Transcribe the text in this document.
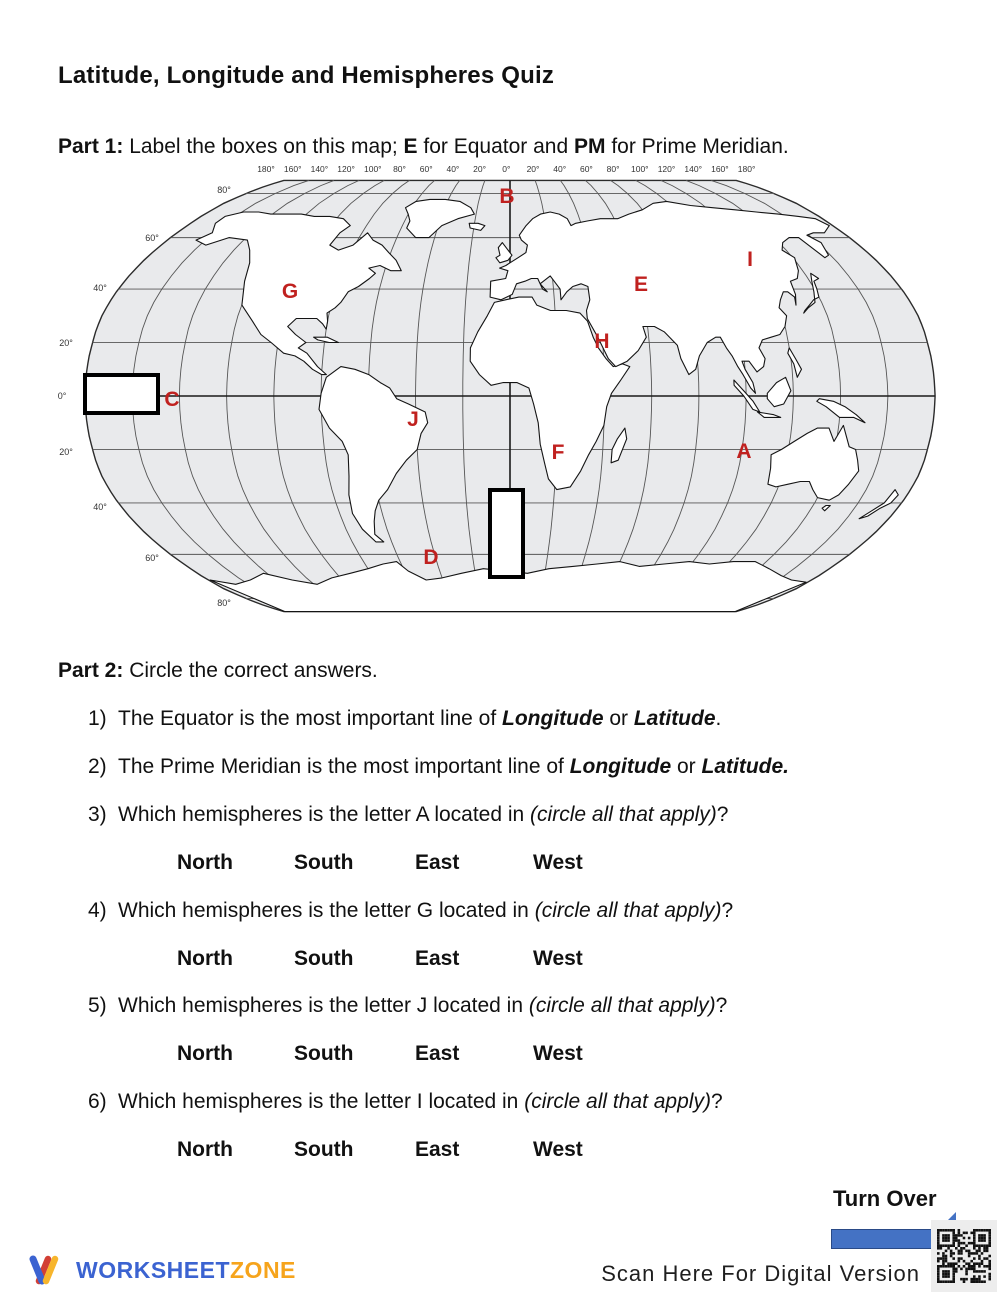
Latitude, Longitude and Hemispheres Quiz

Part 1: Label the boxes on this map; E for Equator and PM for Prime Meridian.

180° 160° 140° 120° 100° 80° 60° 40° 20° 0° 20° 40° 60° 80° 100° 120° 140° 160° 180°
80°
60°
40°
20°
0°
20°
40°
60°
80°
B
G
I
E
H
C
J
F	A
D

Part 2: Circle the correct answers.

1) The Equator is the most important line of Longitude or Latitude.
2) The Prime Meridian is the most important line of Longitude or Latitude.
3) Which hemispheres is the letter A located in (circle all that apply)?
North	South	East	West
4) Which hemispheres is the letter G located in (circle all that apply)?
North	South	East	West
5) Which hemispheres is the letter J located in (circle all that apply)?
North	South	East	West
6) Which hemispheres is the letter I located in (circle all that apply)?
North	South	East	West
Turn Over
Scan Here For Digital Version
WORKSHEET ZONE
